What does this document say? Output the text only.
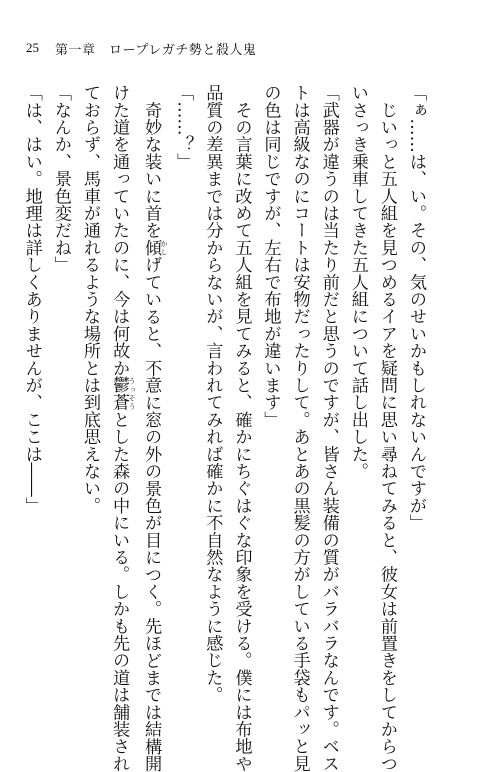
25 第一章　ロープレガチ勢と殺人鬼
「ぁ……は、い。その、気のせいかもしれないんですが」
　じいっと五人組を見つめるイアを疑問に思い尋ねてみると、彼女は前置きをしてからつ
いさっき乗車してきた五人組について話し出した。
「武器が違うのは当たり前だと思うのですが、皆さん装備の質がバラバラなんです。ベス
トは高級なのにコートは安物だったりして。あとあの黒髪の方がしている手袋もパッと見
の色は同じですが、左右で布地が違います」
　その言葉に改めて五人組を見てみると、確かにちぐはぐな印象を受ける。僕には布地や
品質の差異までは分からないが、言われてみれば確かに不自然なように感じた。
「……？」
　奇妙な装いに首を傾 かしげていると、不意に窓の外の景色が目につく。先ほどまでは結構開
けた道を通っていたのに、今は何故か鬱蒼 うっそうとした森の中にいる。しかも先の道は舗装され
ておらず、馬車が通れるような場所とは到底思えない。
「なんか、景色変だね」
「は、はい。地理は詳しくありませんが、ここは――」
